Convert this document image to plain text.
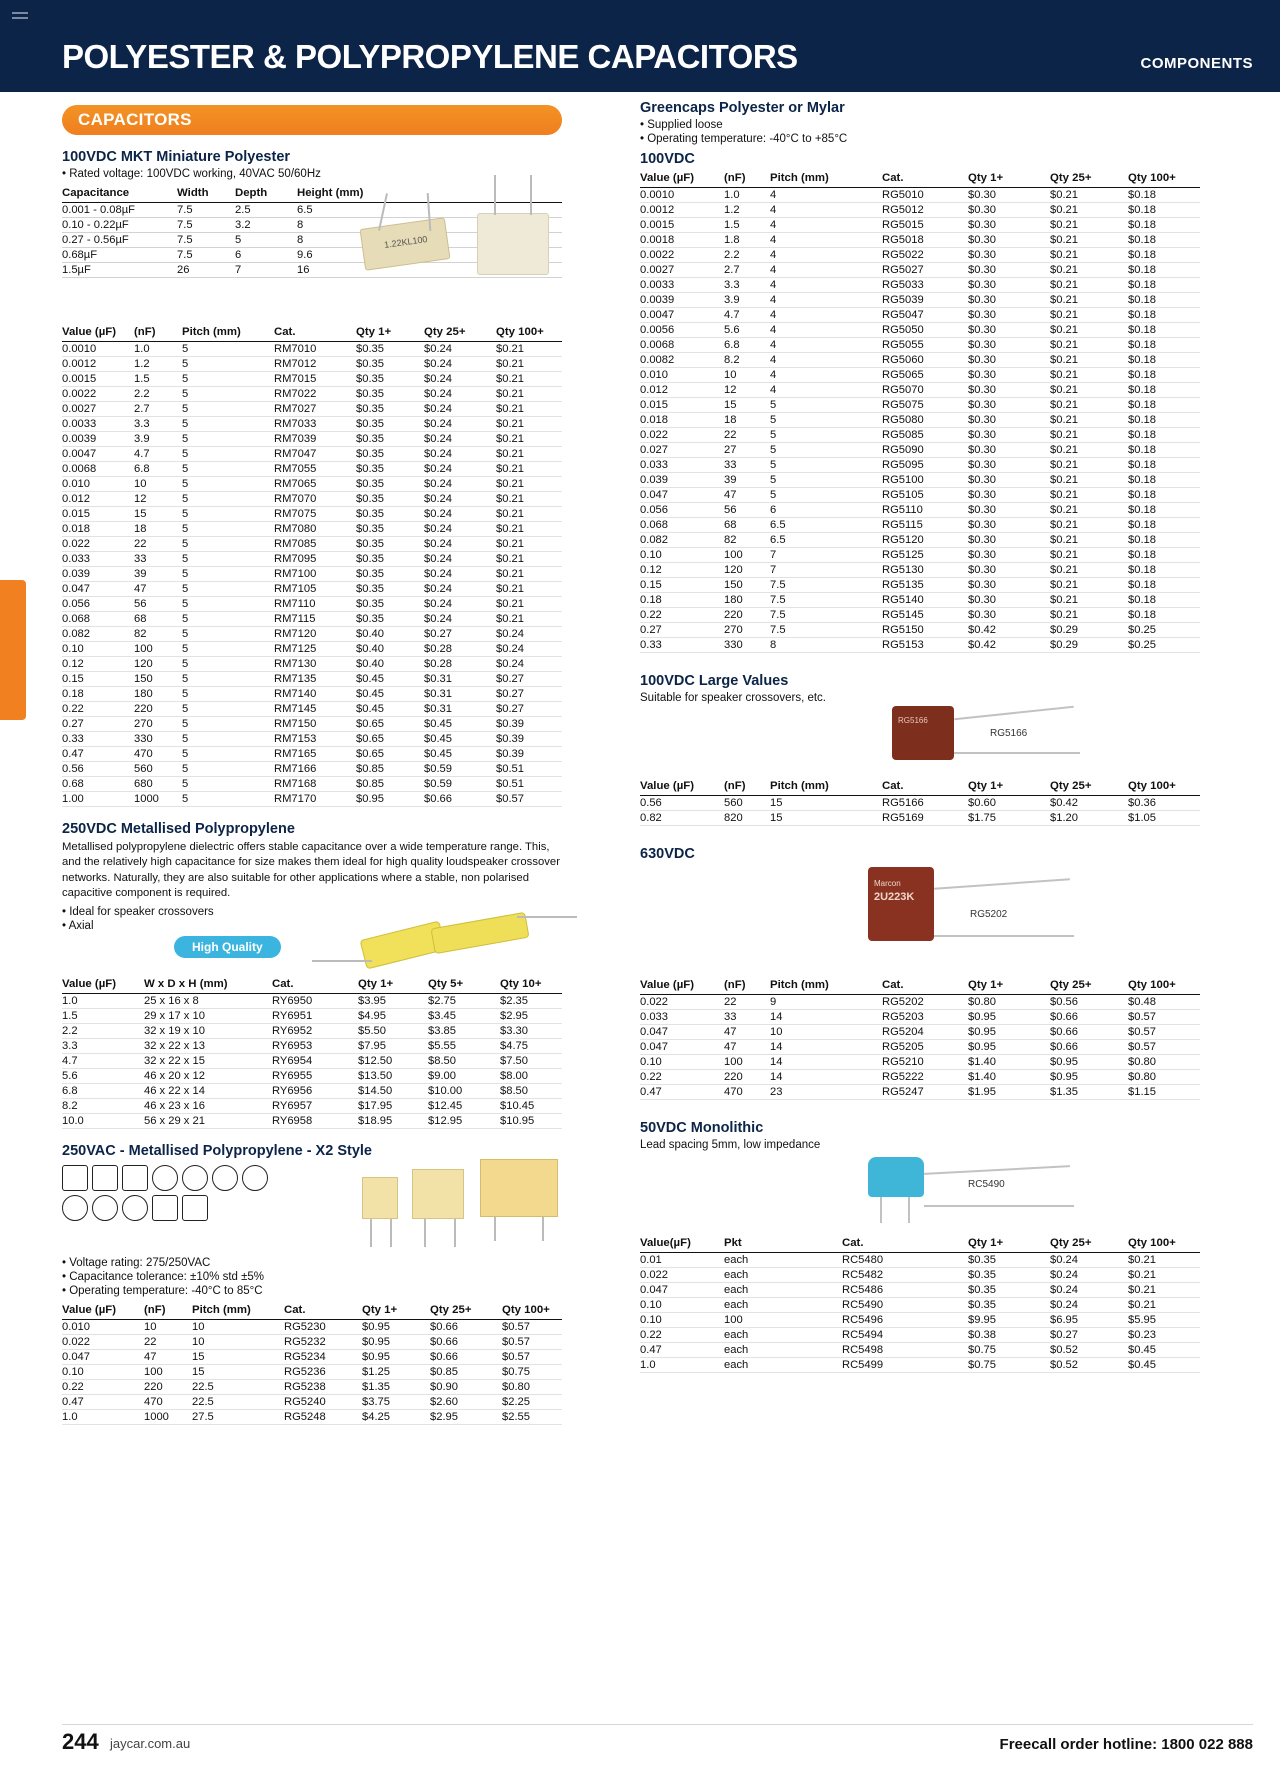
POLYESTER & POLYPROPYLENE CAPACITORS	COMPONENTS
CAPACITORS
100VDC MKT Miniature Polyester
• Rated voltage: 100VDC working, 40VAC 50/60Hz
Capacitance	Width	Depth	Height (mm)
0.001 - 0.08µF	7.5	2.5	6.5
0.10 - 0.22µF	7.5	3.2	8
0.27 - 0.56µF	7.5	5	8
0.68µF	7.5	6	9.6
1.5µF	26	7	16
1.22KL100
Value (µF)	(nF)	Pitch (mm)	Cat.	Qty 1+	Qty 25+	Qty 100+
0.0010	1.0	5	RM7010	$0.35	$0.24	$0.21
0.0012	1.2	5	RM7012	$0.35	$0.24	$0.21
0.0015	1.5	5	RM7015	$0.35	$0.24	$0.21
0.0022	2.2	5	RM7022	$0.35	$0.24	$0.21
0.0027	2.7	5	RM7027	$0.35	$0.24	$0.21
0.0033	3.3	5	RM7033	$0.35	$0.24	$0.21
0.0039	3.9	5	RM7039	$0.35	$0.24	$0.21
0.0047	4.7	5	RM7047	$0.35	$0.24	$0.21
0.0068	6.8	5	RM7055	$0.35	$0.24	$0.21
0.010	10	5	RM7065	$0.35	$0.24	$0.21
0.012	12	5	RM7070	$0.35	$0.24	$0.21
0.015	15	5	RM7075	$0.35	$0.24	$0.21
0.018	18	5	RM7080	$0.35	$0.24	$0.21
0.022	22	5	RM7085	$0.35	$0.24	$0.21
0.033	33	5	RM7095	$0.35	$0.24	$0.21
0.039	39	5	RM7100	$0.35	$0.24	$0.21
0.047	47	5	RM7105	$0.35	$0.24	$0.21
0.056	56	5	RM7110	$0.35	$0.24	$0.21
0.068	68	5	RM7115	$0.35	$0.24	$0.21
0.082	82	5	RM7120	$0.40	$0.27	$0.24
0.10	100	5	RM7125	$0.40	$0.28	$0.24
0.12	120	5	RM7130	$0.40	$0.28	$0.24
0.15	150	5	RM7135	$0.45	$0.31	$0.27
0.18	180	5	RM7140	$0.45	$0.31	$0.27
0.22	220	5	RM7145	$0.45	$0.31	$0.27
0.27	270	5	RM7150	$0.65	$0.45	$0.39
0.33	330	5	RM7153	$0.65	$0.45	$0.39
0.47	470	5	RM7165	$0.65	$0.45	$0.39
0.56	560	5	RM7166	$0.85	$0.59	$0.51
0.68	680	5	RM7168	$0.85	$0.59	$0.51
1.00	1000	5	RM7170	$0.95	$0.66	$0.57
250VDC Metallised Polypropylene

Metallised polypropylene dielectric offers stable capacitance over a wide temperature range. This, and the relatively high capacitance for size makes them ideal for high quality loudspeaker crossover networks. Naturally, they are also suitable for other applications where a stable, non polarised capacitive component is required.

• Ideal for speaker crossovers
• Axial
High Quality
Value (µF)	W x D x H (mm)	Cat.	Qty 1+	Qty 5+	Qty 10+
1.0	25 x 16 x 8	RY6950	$3.95	$2.75	$2.35
1.5	29 x 17 x 10	RY6951	$4.95	$3.45	$2.95
2.2	32 x 19 x 10	RY6952	$5.50	$3.85	$3.30
3.3	32 x 22 x 13	RY6953	$7.95	$5.55	$4.75
4.7	32 x 22 x 15	RY6954	$12.50	$8.50	$7.50
5.6	46 x 20 x 12	RY6955	$13.50	$9.00	$8.00
6.8	46 x 22 x 14	RY6956	$14.50	$10.00	$8.50
8.2	46 x 23 x 16	RY6957	$17.95	$12.45	$10.45
10.0	56 x 29 x 21	RY6958	$18.95	$12.95	$10.95
250VAC - Metallised Polypropylene - X2 Style
• Voltage rating: 275/250VAC
• Capacitance tolerance: ±10% std ±5%
• Operating temperature: -40°C to 85°C
Value (µF)	(nF)	Pitch (mm)	Cat.	Qty 1+	Qty 25+	Qty 100+
0.010	10	10	RG5230	$0.95	$0.66	$0.57
0.022	22	10	RG5232	$0.95	$0.66	$0.57
0.047	47	15	RG5234	$0.95	$0.66	$0.57
0.10	100	15	RG5236	$1.25	$0.85	$0.75
0.22	220	22.5	RG5238	$1.35	$0.90	$0.80
0.47	470	22.5	RG5240	$3.75	$2.60	$2.25
1.0	1000	27.5	RG5248	$4.25	$2.95	$2.55
Greencaps Polyester or Mylar
• Supplied loose
• Operating temperature: -40°C to +85°C
100VDC
Value (µF)	(nF)	Pitch (mm)	Cat.	Qty 1+	Qty 25+	Qty 100+
0.0010	1.0	4	RG5010	$0.30	$0.21	$0.18
0.0012	1.2	4	RG5012	$0.30	$0.21	$0.18
0.0015	1.5	4	RG5015	$0.30	$0.21	$0.18
0.0018	1.8	4	RG5018	$0.30	$0.21	$0.18
0.0022	2.2	4	RG5022	$0.30	$0.21	$0.18
0.0027	2.7	4	RG5027	$0.30	$0.21	$0.18
0.0033	3.3	4	RG5033	$0.30	$0.21	$0.18
0.0039	3.9	4	RG5039	$0.30	$0.21	$0.18
0.0047	4.7	4	RG5047	$0.30	$0.21	$0.18
0.0056	5.6	4	RG5050	$0.30	$0.21	$0.18
0.0068	6.8	4	RG5055	$0.30	$0.21	$0.18
0.0082	8.2	4	RG5060	$0.30	$0.21	$0.18
0.010	10	4	RG5065	$0.30	$0.21	$0.18
0.012	12	4	RG5070	$0.30	$0.21	$0.18
0.015	15	5	RG5075	$0.30	$0.21	$0.18
0.018	18	5	RG5080	$0.30	$0.21	$0.18
0.022	22	5	RG5085	$0.30	$0.21	$0.18
0.027	27	5	RG5090	$0.30	$0.21	$0.18
0.033	33	5	RG5095	$0.30	$0.21	$0.18
0.039	39	5	RG5100	$0.30	$0.21	$0.18
0.047	47	5	RG5105	$0.30	$0.21	$0.18
0.056	56	6	RG5110	$0.30	$0.21	$0.18
0.068	68	6.5	RG5115	$0.30	$0.21	$0.18
0.082	82	6.5	RG5120	$0.30	$0.21	$0.18
0.10	100	7	RG5125	$0.30	$0.21	$0.18
0.12	120	7	RG5130	$0.30	$0.21	$0.18
0.15	150	7.5	RG5135	$0.30	$0.21	$0.18
0.18	180	7.5	RG5140	$0.30	$0.21	$0.18
0.22	220	7.5	RG5145	$0.30	$0.21	$0.18
0.27	270	7.5	RG5150	$0.42	$0.29	$0.25
0.33	330	8	RG5153	$0.42	$0.29	$0.25
100VDC Large Values
Suitable for speaker crossovers, etc.
RG5166
RG5166
Value (µF)	(nF)	Pitch (mm)	Cat.	Qty 1+	Qty 25+	Qty 100+
0.56	560	15	RG5166	$0.60	$0.42	$0.36
0.82	820	15	RG5169	$1.75	$1.20	$1.05
630VDC
Marcon
2U223K
RG5202
Value (µF)	(nF)	Pitch (mm)	Cat.	Qty 1+	Qty 25+	Qty 100+
0.022	22	9	RG5202	$0.80	$0.56	$0.48
0.033	33	14	RG5203	$0.95	$0.66	$0.57
0.047	47	10	RG5204	$0.95	$0.66	$0.57
0.047	47	14	RG5205	$0.95	$0.66	$0.57
0.10	100	14	RG5210	$1.40	$0.95	$0.80
0.22	220	14	RG5222	$1.40	$0.95	$0.80
0.47	470	23	RG5247	$1.95	$1.35	$1.15
50VDC Monolithic
Lead spacing 5mm, low impedance
RC5490
Value(µF)	Pkt	Cat.	Qty 1+	Qty 25+	Qty 100+
0.01	each	RC5480	$0.35	$0.24	$0.21
0.022	each	RC5482	$0.35	$0.24	$0.21
0.047	each	RC5486	$0.35	$0.24	$0.21
0.10	each	RC5490	$0.35	$0.24	$0.21
0.10	100	RC5496	$9.95	$6.95	$5.95
0.22	each	RC5494	$0.38	$0.27	$0.23
0.47	each	RC5498	$0.75	$0.52	$0.45
1.0	each	RC5499	$0.75	$0.52	$0.45
244 jaycar.com.au	Freecall order hotline: 1800 022 888
